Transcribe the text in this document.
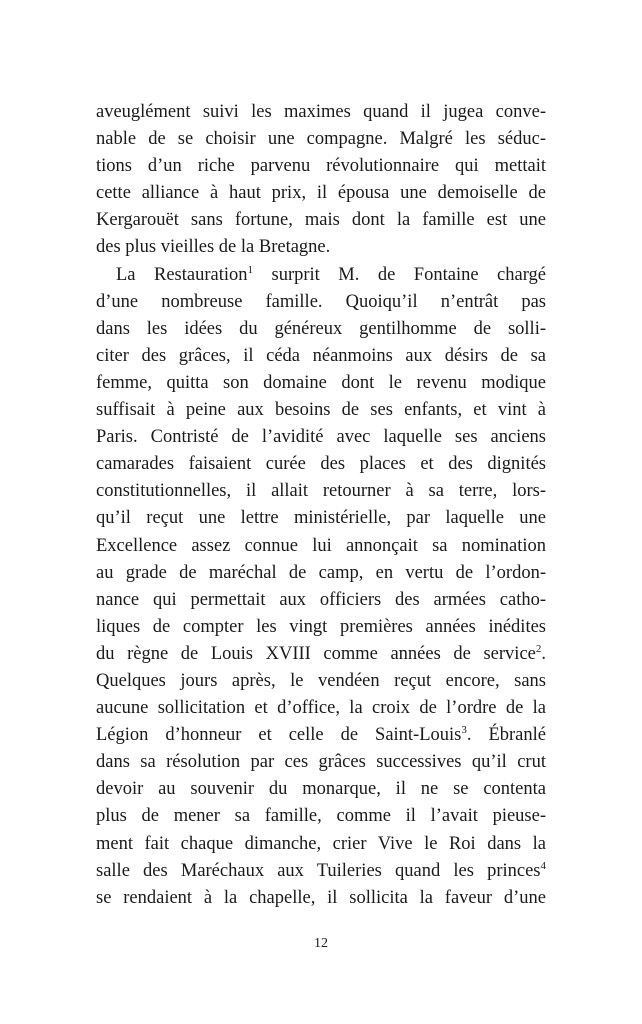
aveuglément suivi les maximes quand il jugea conve-
nable de se choisir une compagne. Malgré les séduc-
tions d’un riche parvenu révolutionnaire qui mettait
cette alliance à haut prix, il épousa une demoiselle de
Kergarouët sans fortune, mais dont la famille est une
des plus vieilles de la Bretagne.
La Restauration$^1$ surprit M. de Fontaine chargé
d’une nombreuse famille. Quoiqu’il n’entrât pas
dans les idées du généreux gentilhomme de solli-
citer des grâces, il céda néanmoins aux désirs de sa
femme, quitta son domaine dont le revenu modique
suffisait à peine aux besoins de ses enfants, et vint à
Paris. Contristé de l’avidité avec laquelle ses anciens
camarades faisaient curée des places et des dignités
constitutionnelles, il allait retourner à sa terre, lors-
qu’il reçut une lettre ministérielle, par laquelle une
Excellence assez connue lui annonçait sa nomination
au grade de maréchal de camp, en vertu de l’ordon-
nance qui permettait aux officiers des armées catho-
liques de compter les vingt premières années inédites
du règne de Louis XVIII comme années de service$^2$.
Quelques jours après, le vendéen reçut encore, sans
aucune sollicitation et d’office, la croix de l’ordre de la
Légion d’honneur et celle de Saint-Louis$^3$. Ébranlé
dans sa résolution par ces grâces successives qu’il crut
devoir au souvenir du monarque, il ne se contenta
plus de mener sa famille, comme il l’avait pieuse-
ment fait chaque dimanche, crier Vive le Roi dans la
salle des Maréchaux aux Tuileries quand les princes$^4$
se rendaient à la chapelle, il sollicita la faveur d’une
12
